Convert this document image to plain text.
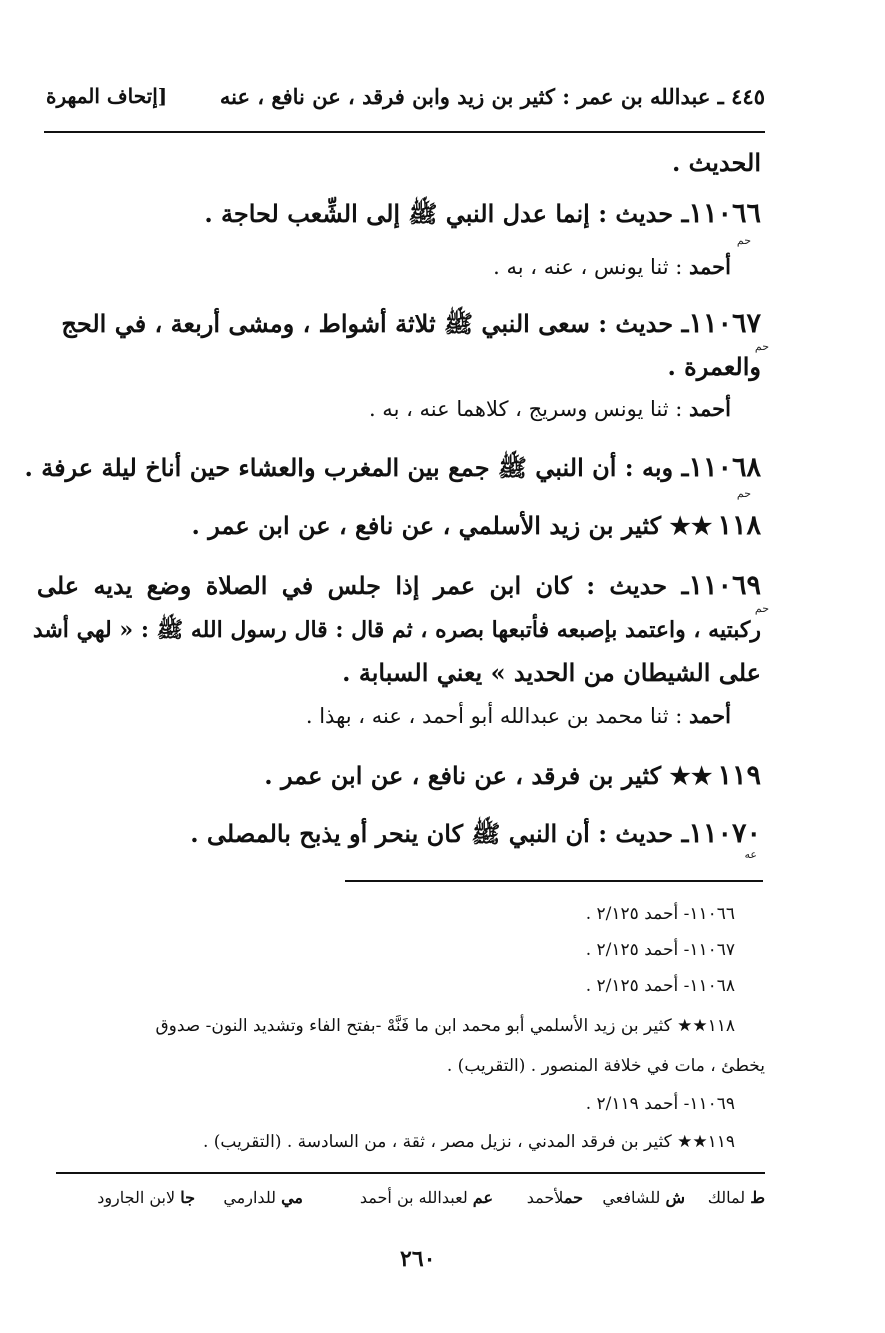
٤٤٥ ـ عبدالله بن عمر : كثير بن زيد وابن فرقد ، عن نافع ، عنه
[إتحاف المهرة
الحديث .
١١٠٦٦ـ حديث : إنما عدل النبي ﷺ إلى الشِّعب لحاجة .
حم
أحمد : ثنا يونس ، عنه ، به .
١١٠٦٧ـ حديث : سعى النبي ﷺ ثلاثة أشواط ، ومشى أربعة ، في الحج
حم
والعمرة .
أحمد : ثنا يونس وسريج ، كلاهما عنه ، به .
١١٠٦٨ـ وبه : أن النبي ﷺ جمع بين المغرب والعشاء حين أناخ ليلة عرفة .
حم
١١٨ ★★ كثير بن زيد الأسلمي ، عن نافع ، عن ابن عمر .
١١٠٦٩ـ حديث : كان ابن عمر إذا جلس في الصلاة وضع يديه على
حم
ركبتيه ، واعتمد بإصبعه فأتبعها بصره ، ثم قال : قال رسول الله ﷺ : « لهي أشد
على الشيطان من الحديد » يعني السبابة .
أحمد : ثنا محمد بن عبدالله أبو أحمد ، عنه ، بهذا .
١١٩ ★★ كثير بن فرقد ، عن نافع ، عن ابن عمر .
١١٠٧٠ـ حديث : أن النبي ﷺ كان ينحر أو يذبح بالمصلى .
عه
١١٠٦٦- أحمد ٢/١٢٥ .
١١٠٦٧- أحمد ٢/١٢٥ .
١١٠٦٨- أحمد ٢/١٢٥ .
١١٨★★ كثير بن زيد الأسلمي أبو محمد ابن ما فَنَّهْ -بفتح الفاء وتشديد النون- صدوق
يخطئ ، مات في خلافة المنصور . (التقريب) .
١١٠٦٩- أحمد ٢/١١٩ .
١١٩★★ كثير بن فرقد المدني ، نزيل مصر ، ثقة ، من السادسة . (التقريب) .
ط لمالك
ش للشافعي
حملأحمد
عم لعبدالله بن أحمد
مي للدارمي
جا لابن الجارود
٢٦٠
